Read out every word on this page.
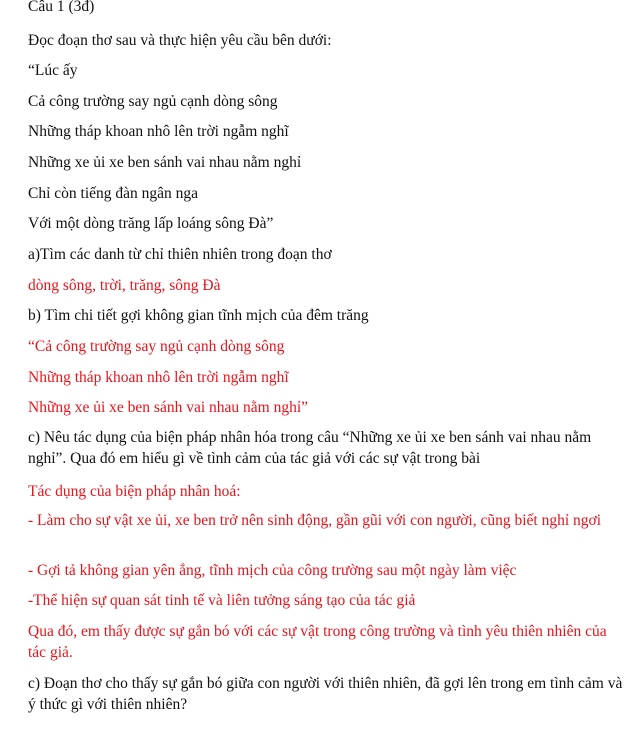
Câu 1 (3đ)
Đọc đoạn thơ sau và thực hiện yêu cầu bên dưới:
“Lúc ấy
Cả công trường say ngủ cạnh dòng sông
Những tháp khoan nhô lên trời ngẫm nghĩ
Những xe ủi xe ben sánh vai nhau nằm nghỉ
Chỉ còn tiếng đàn ngân nga
Với một dòng trăng lấp loáng sông Đà”
a)Tìm các danh từ chỉ thiên nhiên trong đoạn thơ
dòng sông, trời, trăng, sông Đà
b) Tìm chi tiết gợi không gian tĩnh mịch của đêm trăng
“Cả công trường say ngủ cạnh dòng sông
Những tháp khoan nhô lên trời ngẫm nghĩ
Những xe ủi xe ben sánh vai nhau nằm nghỉ”
c) Nêu tác dụng của biện pháp nhân hóa trong câu “Những xe ủi xe ben sánh vai nhau nằm nghỉ”. Qua đó em hiểu gì về tình cảm của tác giả với các sự vật trong bài
Tác dụng của biện pháp nhân hoá:
- Làm cho sự vật xe ủi, xe ben trở nên sinh động, gần gũi với con người, cũng biết nghỉ ngơi
- Gợi tả không gian yên ắng, tĩnh mịch của công trường sau một ngày làm việc
-Thể hiện sự quan sát tinh tế và liên tưởng sáng tạo của tác giả
Qua đó, em thấy được sự gắn bó với các sự vật trong công trường và tình yêu thiên nhiên của tác giả.
c) Đoạn thơ cho thấy sự gắn bó giữa con người với thiên nhiên, đã gợi lên trong em tình cảm và ý thức gì với thiên nhiên?
